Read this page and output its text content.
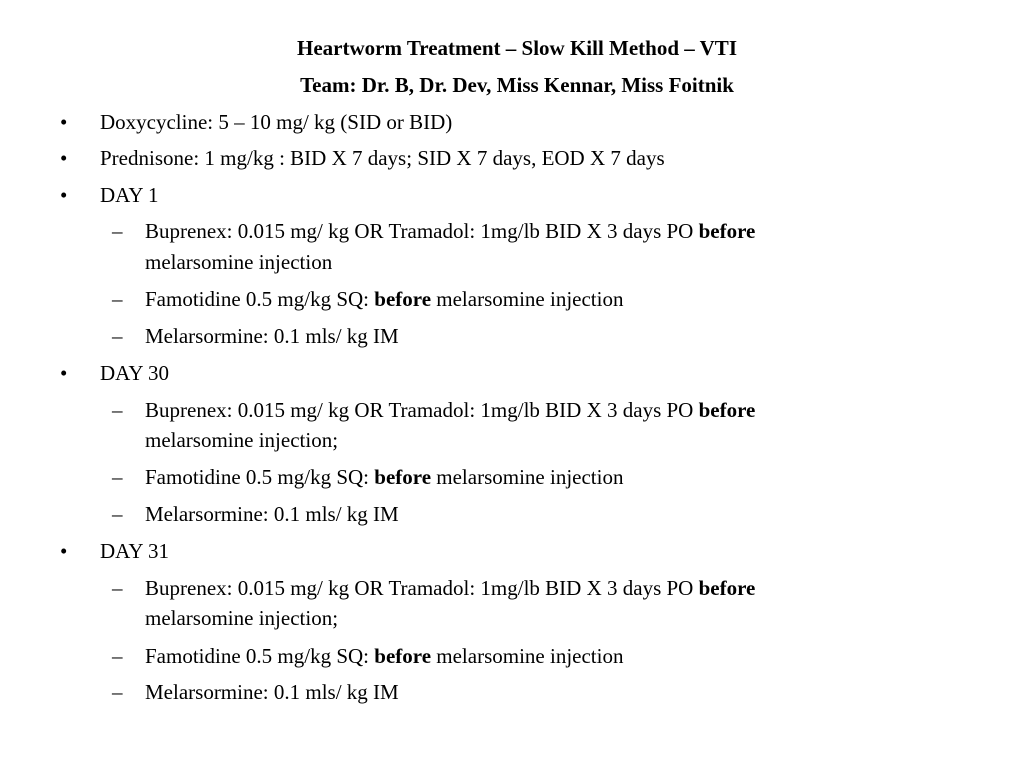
Heartworm Treatment – Slow Kill Method – VTI
Team: Dr. B, Dr. Dev, Miss Kennar, Miss Foitnik
• Doxycycline: 5 – 10 mg/ kg (SID or BID)
• Prednisone: 1 mg/kg : BID X 7 days; SID X 7 days, EOD X 7 days
• DAY 1
– Buprenex: 0.015 mg/ kg OR Tramadol: 1mg/lb BID X 3 days PO before
melarsomine injection
– Famotidine 0.5 mg/kg SQ: before melarsomine injection
– Melarsormine: 0.1 mls/ kg IM
• DAY 30
– Buprenex: 0.015 mg/ kg OR Tramadol: 1mg/lb BID X 3 days PO before
melarsomine injection;
– Famotidine 0.5 mg/kg SQ: before melarsomine injection
– Melarsormine: 0.1 mls/ kg IM
• DAY 31
– Buprenex: 0.015 mg/ kg OR Tramadol: 1mg/lb BID X 3 days PO before
melarsomine injection;
– Famotidine 0.5 mg/kg SQ: before melarsomine injection
– Melarsormine: 0.1 mls/ kg IM
